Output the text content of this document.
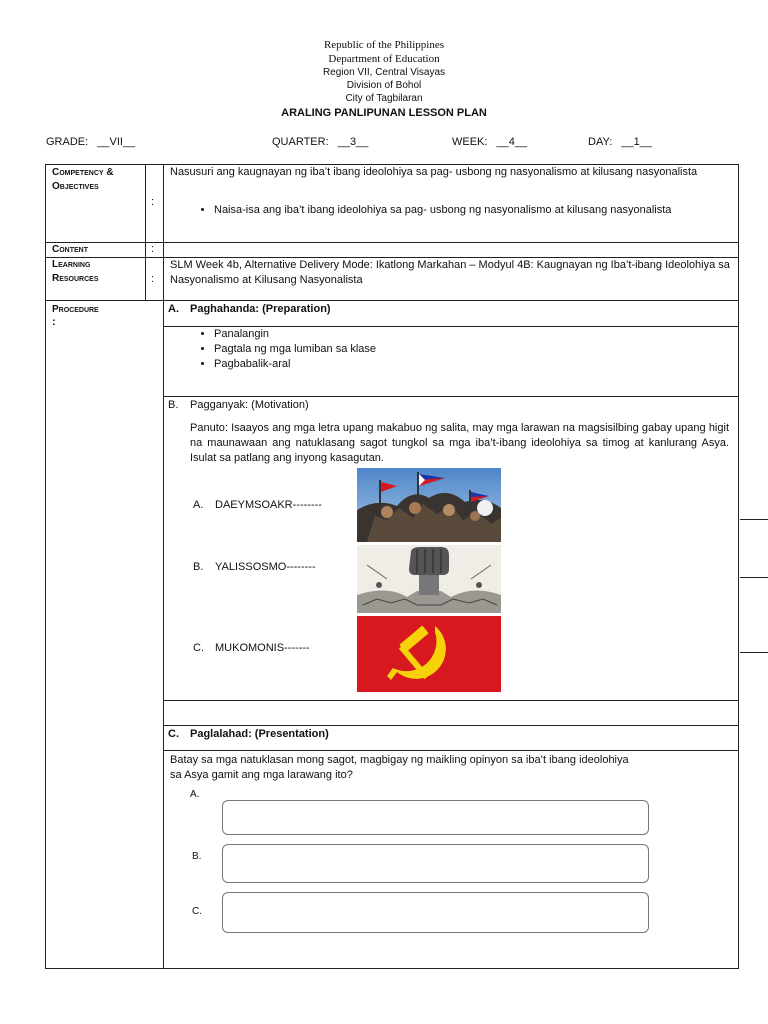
Republic of the Philippines
Department of Education
Region VII, Central Visayas
Division of Bohol
City of Tagbilaran
ARALING PANLIPUNAN LESSON PLAN
GRADE: __VII__	QUARTER: __3__	WEEK: __4__	DAY: __1__
Competency &
Objectives
:
Nasusuri ang kaugnayan ng iba’t ibang ideolohiya sa pag- usbong ng nasyonalismo at kilusang nasyonalista
• Naisa-isa ang iba’t ibang ideolohiya sa pag- usbong ng nasyonalismo at kilusang nasyonalista
Content	:
Learning
Resources	:
SLM Week 4b, Alternative Delivery Mode: Ikatlong Markahan – Modyul 4B: Kaugnayan ng Iba’t-ibang Ideolohiya sa Nasyonalismo at Kilusang Nasyonalista
Procedure
:
A. Paghahanda: (Preparation)
• Panalangin
• Pagtala ng mga lumiban sa klase
• Pagbabalik-aral
B. Pagganyak: (Motivation)
Panuto: Isaayos ang mga letra upang makabuo ng salita, may mga larawan na magsisilbing gabay upang higit na maunawaan ang natuklasang sagot tungkol sa mga iba’t-ibang ideolohiya sa timog at kanlurang Asya. Isulat sa patlang ang inyong kasagutan.
A. DAEYMSOAKR--------
B. YALISSOSMO--------
C. MUKOMONIS-------
C. Paglalahad: (Presentation)
Batay sa mga natuklasan mong sagot, magbigay ng maikling opinyon sa iba’t ibang ideolohiya sa Asya gamit ang mga larawang ito?
A.
B.
C.
